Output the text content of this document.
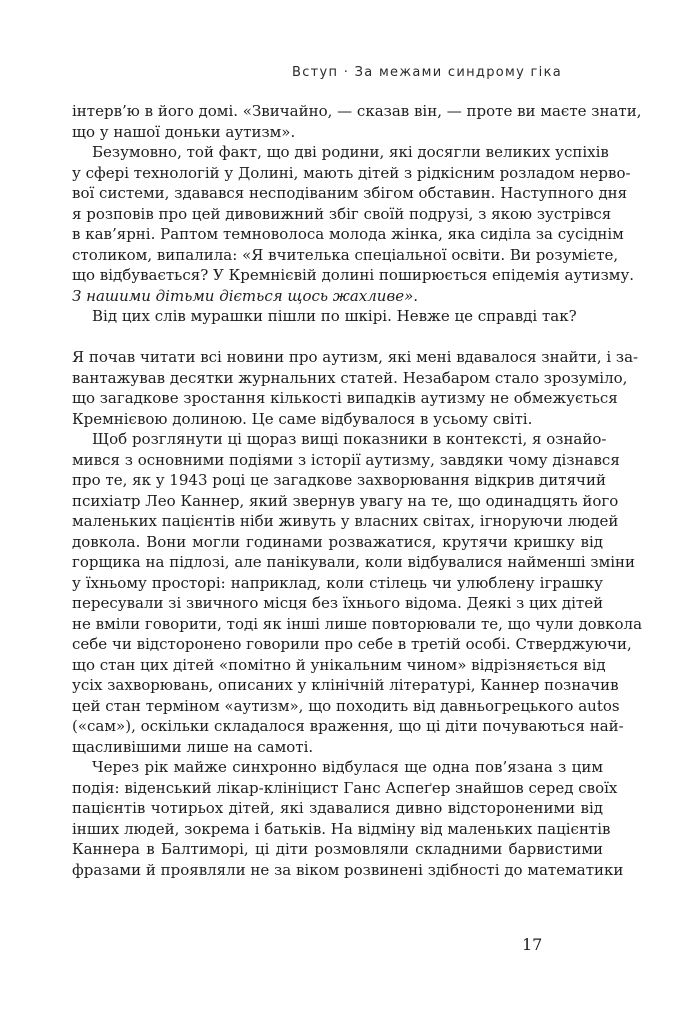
Вступ · За межами синдрому гіка
інтерв’ю в його домі. «Звичайно, — сказав він, — проте ви маєте знати,
що у нашої доньки аутизм».
Безумовно, той факт, що дві родини, які досягли великих успіхів
у сфері технологій у Долині, мають дітей з рідкісним розладом нерво-
вої системи, здавався несподіваним збігом обставин. Наступного дня
я розповів про цей дивовижний збіг своїй подрузі, з якою зустрівся
в кав’ярні. Раптом темноволоса молода жінка, яка сиділа за сусіднім
столиком, випалила: «Я вчителька спеціальної освіти. Ви розумієте,
що відбувається? У Кремнієвій долині поширюється епідемія аутизму.
З нашими дітьми діється щось жахливе».
Від цих слів мурашки пішли по шкірі. Невже це справді так?
Я почав читати всі новини про аутизм, які мені вдавалося знайти, і за-
вантажував десятки журнальних статей. Незабаром стало зрозуміло,
що загадкове зростання кількості випадків аутизму не обмежується
Кремнієвою долиною. Це саме відбувалося в усьому світі.
Щоб розглянути ці щораз вищі показники в контексті, я ознайо-
мився з основними подіями з історії аутизму, завдяки чому дізнався
про те, як у 1943 році це загадкове захворювання відкрив дитячий
психіатр Лео Каннер, який звернув увагу на те, що одинадцять його
маленьких пацієнтів ніби живуть у власних світах, ігноруючи людей
довкола. Вони могли годинами розважатися, крутячи кришку від
горщика на підлозі, але панікували, коли відбувалися найменші зміни
у їхньому просторі: наприклад, коли стілець чи улюблену іграшку
пересували зі звичного місця без їхнього відома. Деякі з цих дітей
не вміли говорити, тоді як інші лише повторювали те, що чули довкола
себе чи відсторонено говорили про себе в третій особі. Стверджуючи,
що стан цих дітей «помітно й унікальним чином» відрізняється від
усіх захворювань, описаних у клінічній літературі, Каннер позначив
цей стан терміном «аутизм», що походить від давньогрецького autos
(«сам»), оскільки складалося враження, що ці діти почуваються най-
щасливішими лише на самоті.
Через рік майже синхронно відбулася ще одна пов’язана з цим
подія: віденський лікар-клініцист Ганс Аспеґер знайшов серед своїх
пацієнтів чотирьох дітей, які здавалися дивно відстороненими від
інших людей, зокрема і батьків. На відміну від маленьких пацієнтів
Каннера в Балтиморі, ці діти розмовляли складними барвистими
фразами й проявляли не за віком розвинені здібності до математики
17
